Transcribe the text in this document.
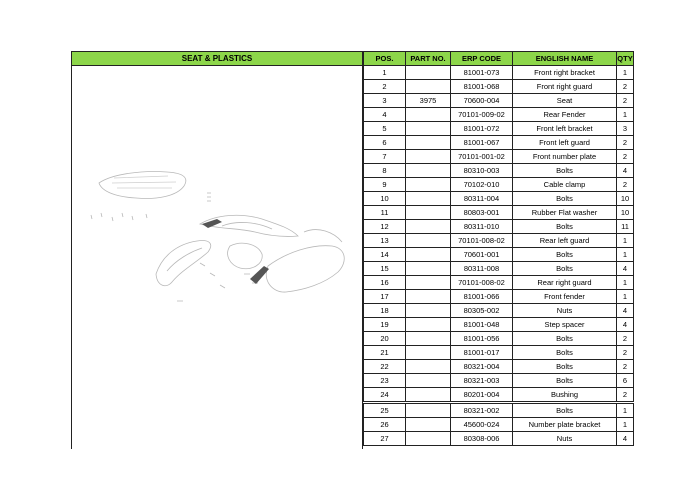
SEAT & PLASTICS	POS.	PART NO.	ERP CODE	ENGLISH NAME	QTY
1		81001-073	Front right bracket	1
2		81001-068	Front right guard	2
3	3975	70600-004	Seat	2
4		70101-009-02	Rear Fender	1
5		81001-072	Front left bracket	3
6		81001-067	Front left guard	2
7		70101-001-02	Front number plate	2
8		80310-003	Bolts	4
9		70102-010	Cable clamp	2
10		80311-004	Bolts	10
11		80803-001	Rubber Flat washer	10
12		80311-010	Bolts	11
13		70101-008-02	Rear left guard	1
14		70601-001	Bolts	1
15		80311-008	Bolts	4
16		70101-008-02	Rear right guard	1
17		81001-066	Front fender	1
18		80305-002	Nuts	4
19		81001-048	Step spacer	4
20		81001-056	Bolts	2
21		81001-017	Bolts	2
22		80321-004	Bolts	2
23		80321-003	Bolts	6
24		80201-004	Bushing	2
25		80321-002	Bolts	1
26		45600-024	Number plate bracket	1
27		80308-006	Nuts	4
